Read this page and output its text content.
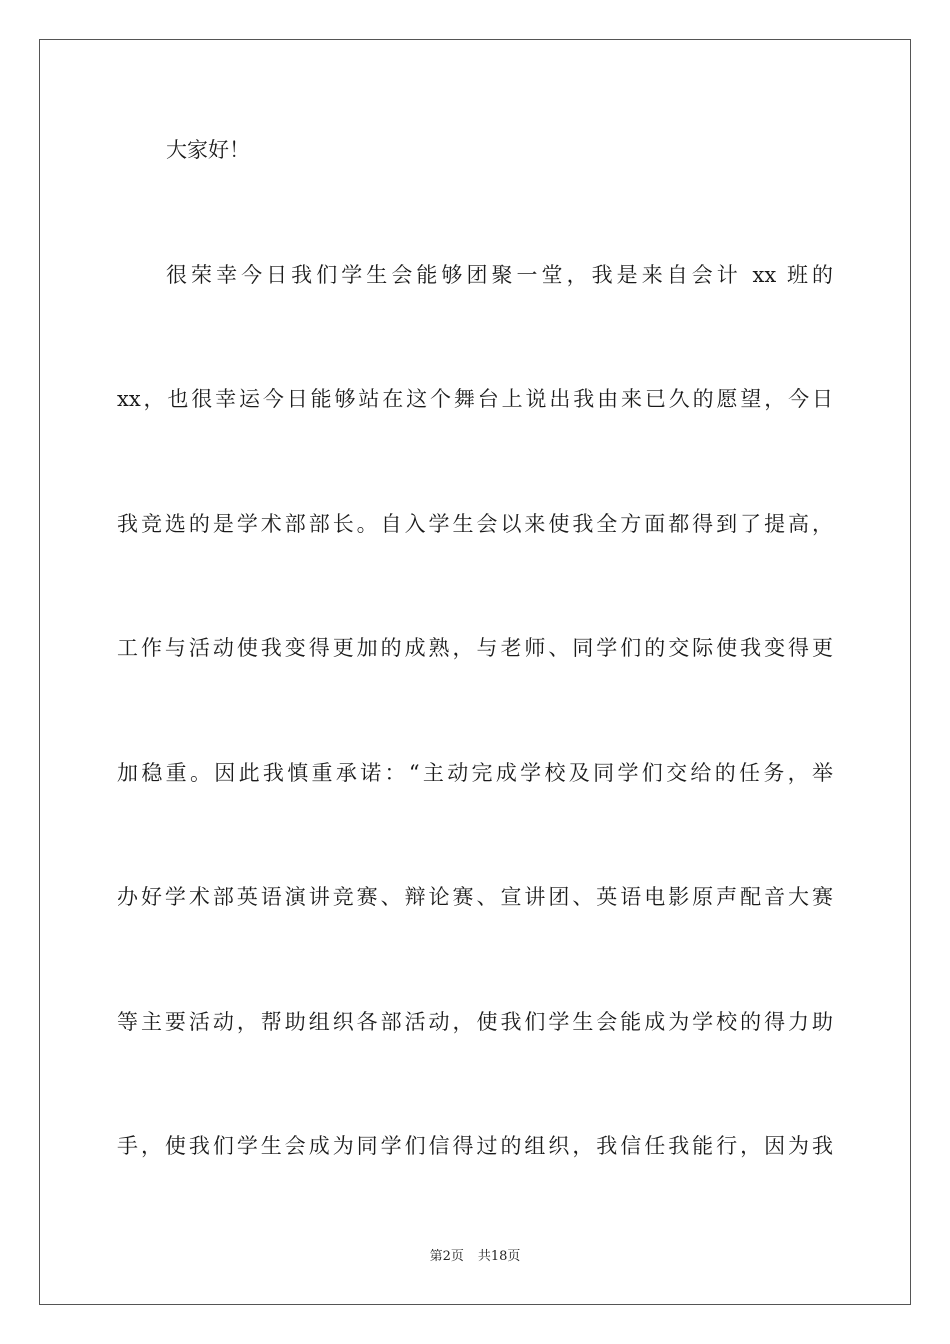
大家好！
很荣幸今日我们学生会能够团聚一堂，我是来自会计 xx 班的
xx，也很幸运今日能够站在这个舞台上说出我由来已久的愿望，今日
我竞选的是学术部部长。自入学生会以来使我全方面都得到了提高，
工作与活动使我变得更加的成熟，与老师、同学们的交际使我变得更
加稳重。因此我慎重承诺：“主动完成学校及同学们交给的任务，举
办好学术部英语演讲竞赛、辩论赛、宣讲团、英语电影原声配音大赛
等主要活动，帮助组织各部活动，使我们学生会能成为学校的得力助
手，使我们学生会成为同学们信得过的组织，我信任我能行，因为我
第2页 共18页
